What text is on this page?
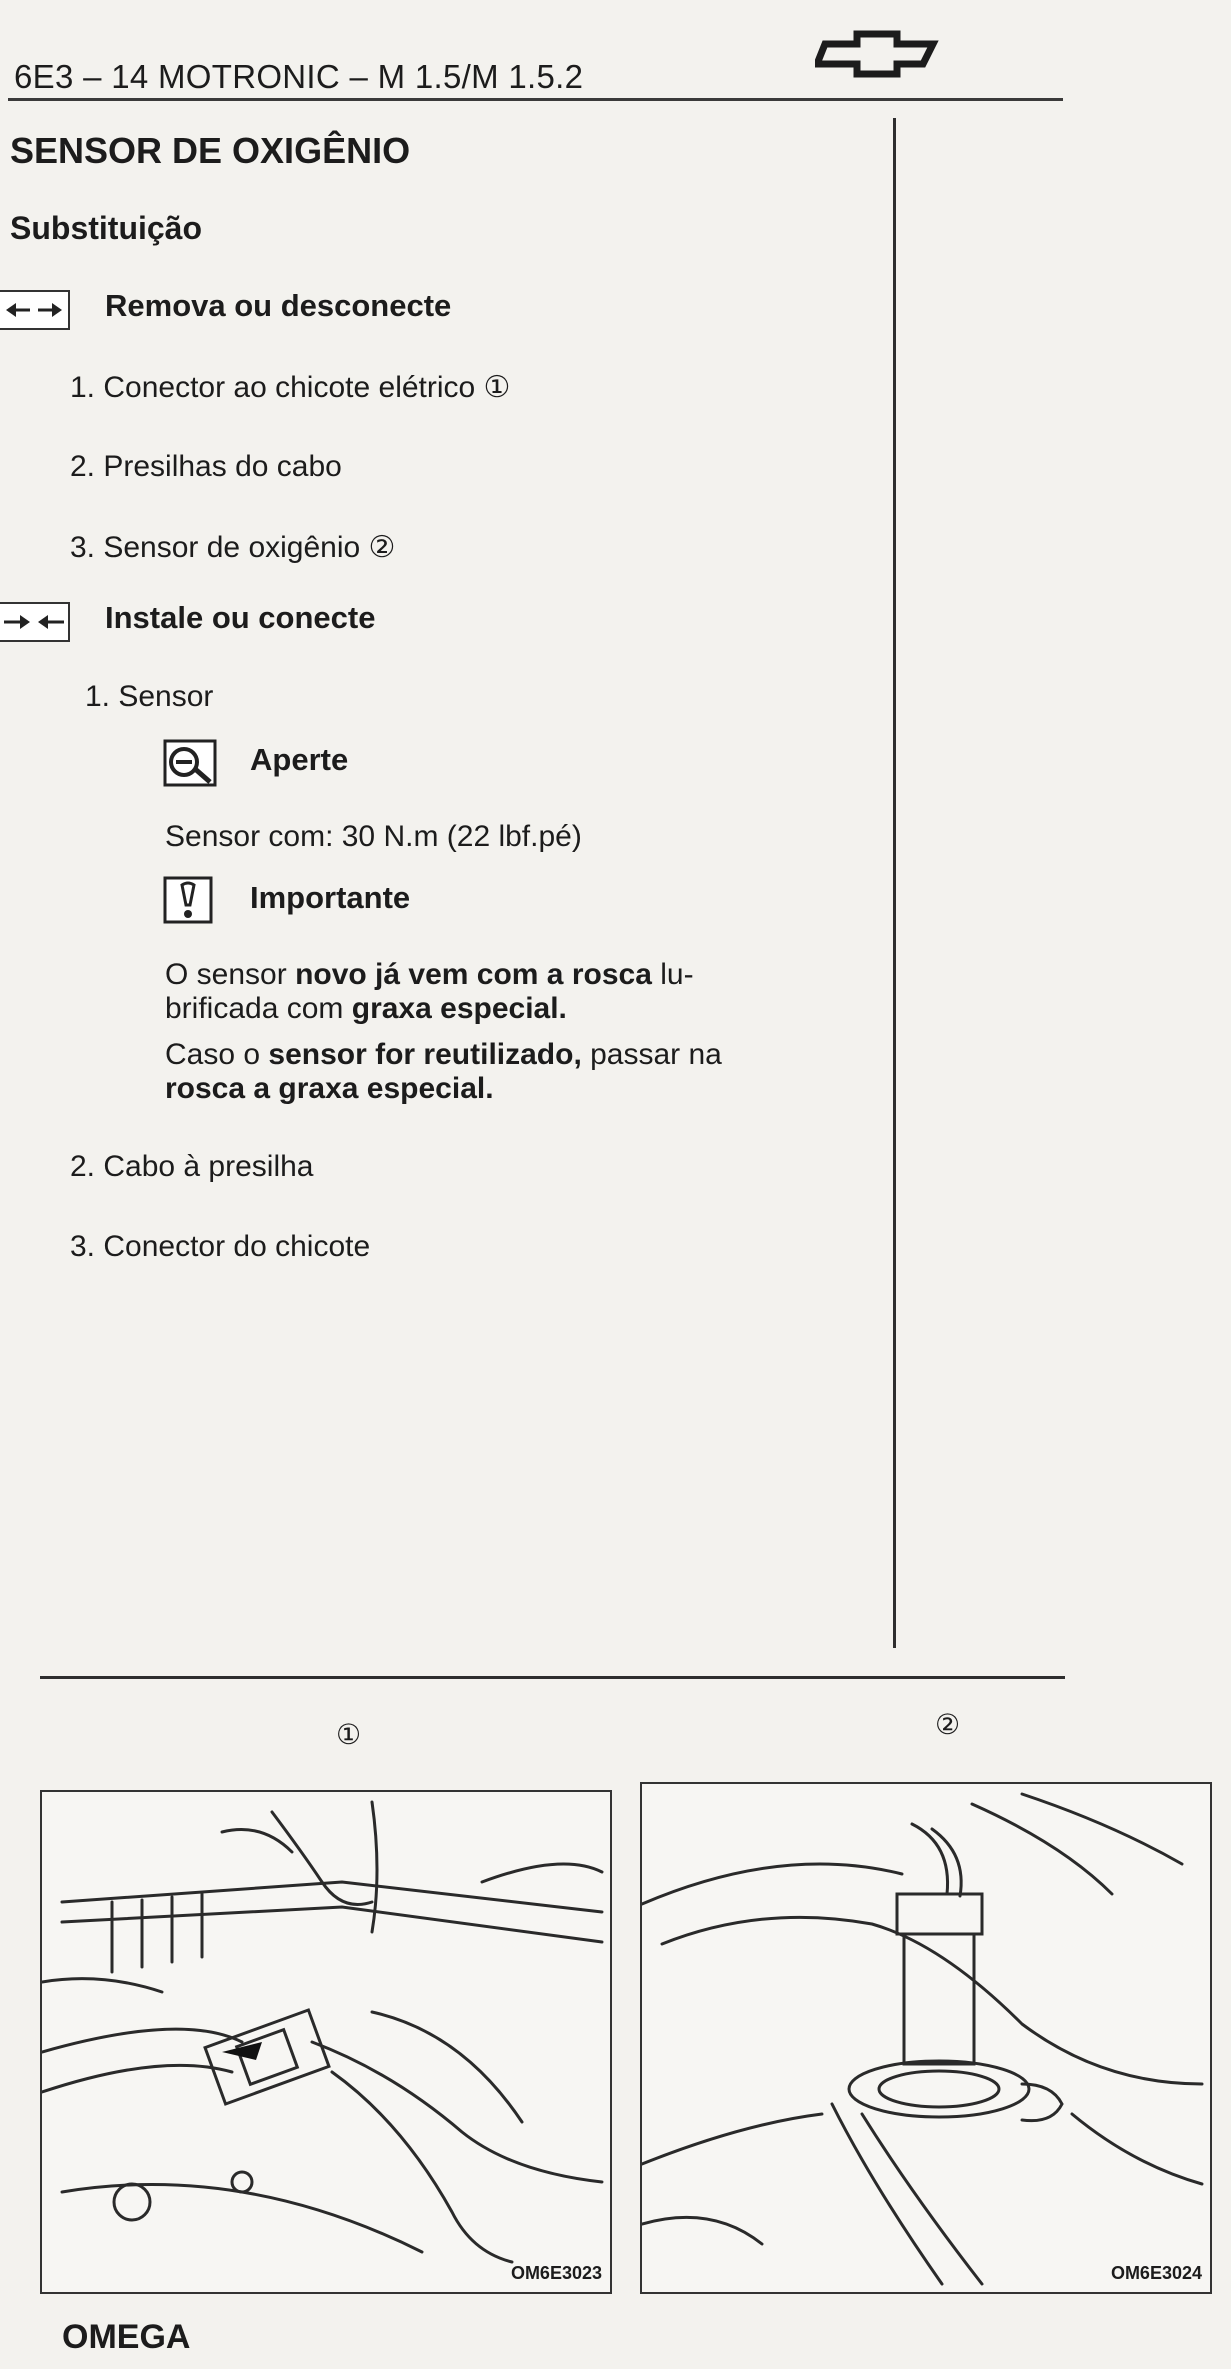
6E3 – 14 MOTRONIC – M 1.5/M 1.5.2
SENSOR DE OXIGÊNIO
Substituição
Remova ou desconecte
1. Conector ao chicote elétrico ①
2. Presilhas do cabo
3. Sensor de oxigênio ②
Instale ou conecte
1. Sensor
Aperte
Sensor com: 30 N.m (22 lbf.pé)
Importante
O sensor novo já vem com a rosca lu-
brificada com graxa especial.
Caso o sensor for reutilizado, passar na
rosca a graxa especial.
2. Cabo à presilha
3. Conector do chicote
①	②
OM6E3023	OM6E3024
OMEGA
